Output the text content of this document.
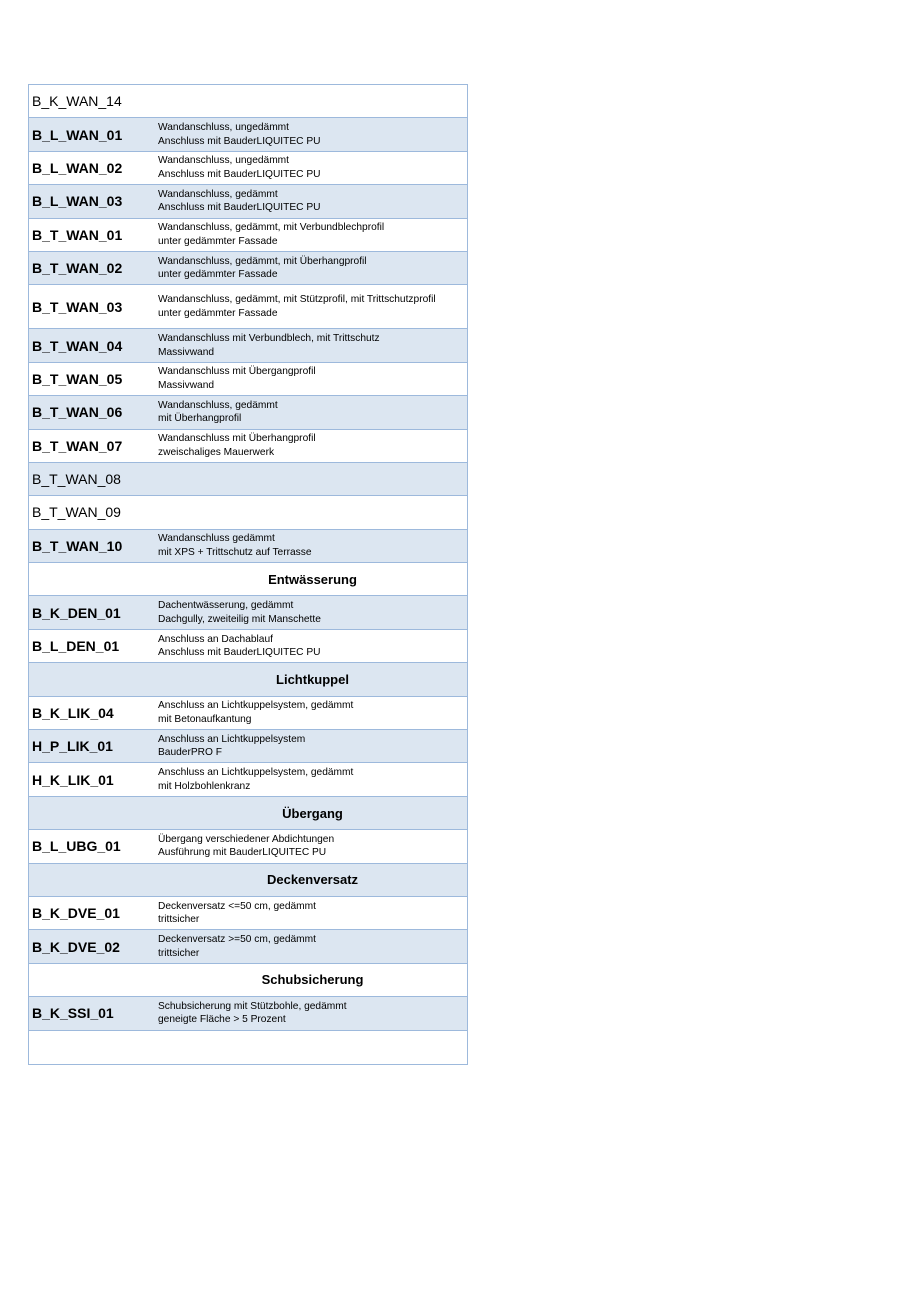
B_K_WAN_14
B_L_WAN_01	Wandanschluss, ungedämmt
Anschluss mit BauderLIQUITEC PU
B_L_WAN_02	Wandanschluss, ungedämmt
Anschluss mit BauderLIQUITEC PU
B_L_WAN_03	Wandanschluss, gedämmt
Anschluss mit BauderLIQUITEC PU
B_T_WAN_01	Wandanschluss, gedämmt, mit Verbundblechprofil
unter gedämmter Fassade
B_T_WAN_02	Wandanschluss, gedämmt, mit Überhangprofil
unter gedämmter Fassade
B_T_WAN_03	Wandanschluss, gedämmt, mit Stützprofil, mit Trittschutzprofil
unter gedämmter Fassade
B_T_WAN_04	Wandanschluss mit Verbundblech, mit Trittschutz
Massivwand
B_T_WAN_05	Wandanschluss mit Übergangprofil
Massivwand
B_T_WAN_06	Wandanschluss, gedämmt
mit Überhangprofil
B_T_WAN_07	Wandanschluss mit Überhangprofil
zweischaliges Mauerwerk
B_T_WAN_08
B_T_WAN_09
B_T_WAN_10	Wandanschluss gedämmt
mit XPS + Trittschutz auf Terrasse
Entwässerung
B_K_DEN_01	Dachentwässerung, gedämmt
Dachgully, zweiteilig mit Manschette
B_L_DEN_01	Anschluss an Dachablauf
Anschluss mit BauderLIQUITEC PU
Lichtkuppel
B_K_LIK_04	Anschluss an Lichtkuppelsystem, gedämmt
mit Betonaufkantung
H_P_LIK_01	Anschluss an Lichtkuppelsystem
BauderPRO F
H_K_LIK_01	Anschluss an Lichtkuppelsystem, gedämmt
mit Holzbohlenkranz
Übergang
B_L_UBG_01	Übergang verschiedener Abdichtungen
Ausführung mit BauderLIQUITEC PU
Deckenversatz
B_K_DVE_01	Deckenversatz <=50 cm, gedämmt
trittsicher
B_K_DVE_02	Deckenversatz >=50 cm, gedämmt
trittsicher
Schubsicherung
B_K_SSI_01	Schubsicherung mit Stützbohle, gedämmt
geneigte Fläche > 5 Prozent
